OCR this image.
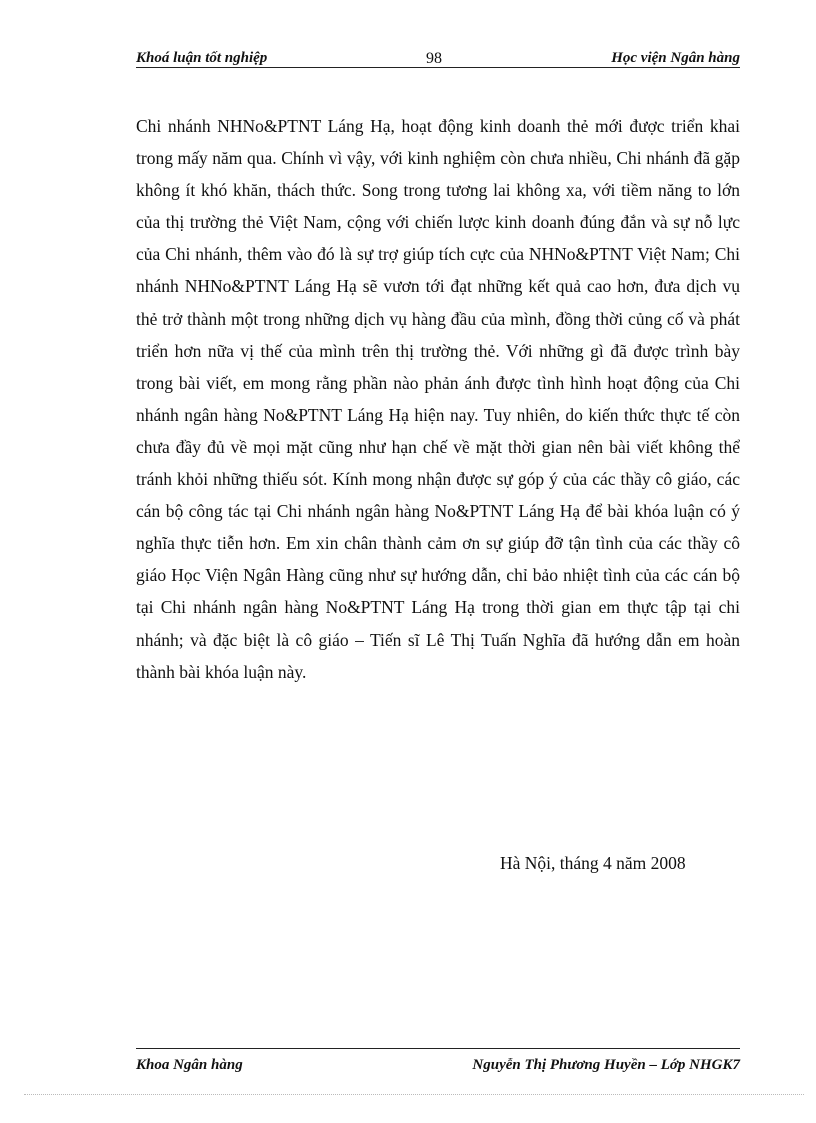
Khoá luận tốt nghiệp	98	Học viện Ngân hàng
Chi nhánh NHNo&PTNT Láng Hạ, hoạt động kinh doanh thẻ mới được triển khai trong mấy năm qua. Chính vì vậy, với kinh nghiệm còn chưa nhiều, Chi nhánh đã gặp không ít khó khăn, thách thức. Song trong tương lai không xa, với tiềm năng to lớn của thị trường thẻ Việt Nam, cộng với chiến lược kinh doanh đúng đắn và sự nỗ lực của Chi nhánh, thêm vào đó là sự trợ giúp tích cực của NHNo&PTNT Việt Nam; Chi nhánh NHNo&PTNT Láng Hạ sẽ vươn tới đạt những kết quả cao hơn, đưa dịch vụ thẻ trở thành một trong những dịch vụ hàng đầu của mình, đồng thời củng cố và phát triển hơn nữa vị thế của mình trên thị trường thẻ. Với những gì đã được trình bày trong bài viết, em mong rằng phần nào phản ánh được tình hình hoạt động của Chi nhánh ngân hàng No&PTNT Láng Hạ hiện nay. Tuy nhiên, do kiến thức thực tế còn chưa đầy đủ về mọi mặt cũng như hạn chế về mặt thời gian nên bài viết không thể tránh khỏi những thiếu sót. Kính mong nhận được sự góp ý của các thầy cô giáo, các cán bộ công tác tại Chi nhánh ngân hàng No&PTNT Láng Hạ để bài khóa luận có ý nghĩa thực tiễn hơn. Em xin chân thành cảm ơn sự giúp đỡ tận tình của các thầy cô giáo Học Viện Ngân Hàng cũng như sự hướng dẫn, chỉ bảo nhiệt tình của các cán bộ tại Chi nhánh ngân hàng No&PTNT Láng Hạ trong thời gian em thực tập tại chi nhánh; và đặc biệt là cô giáo – Tiến sĩ Lê Thị Tuấn Nghĩa đã hướng dẫn em hoàn thành bài khóa luận này.
Hà Nội, tháng 4 năm 2008
Khoa Ngân hàng	Nguyễn Thị Phương Huyền – Lớp NHGK7
